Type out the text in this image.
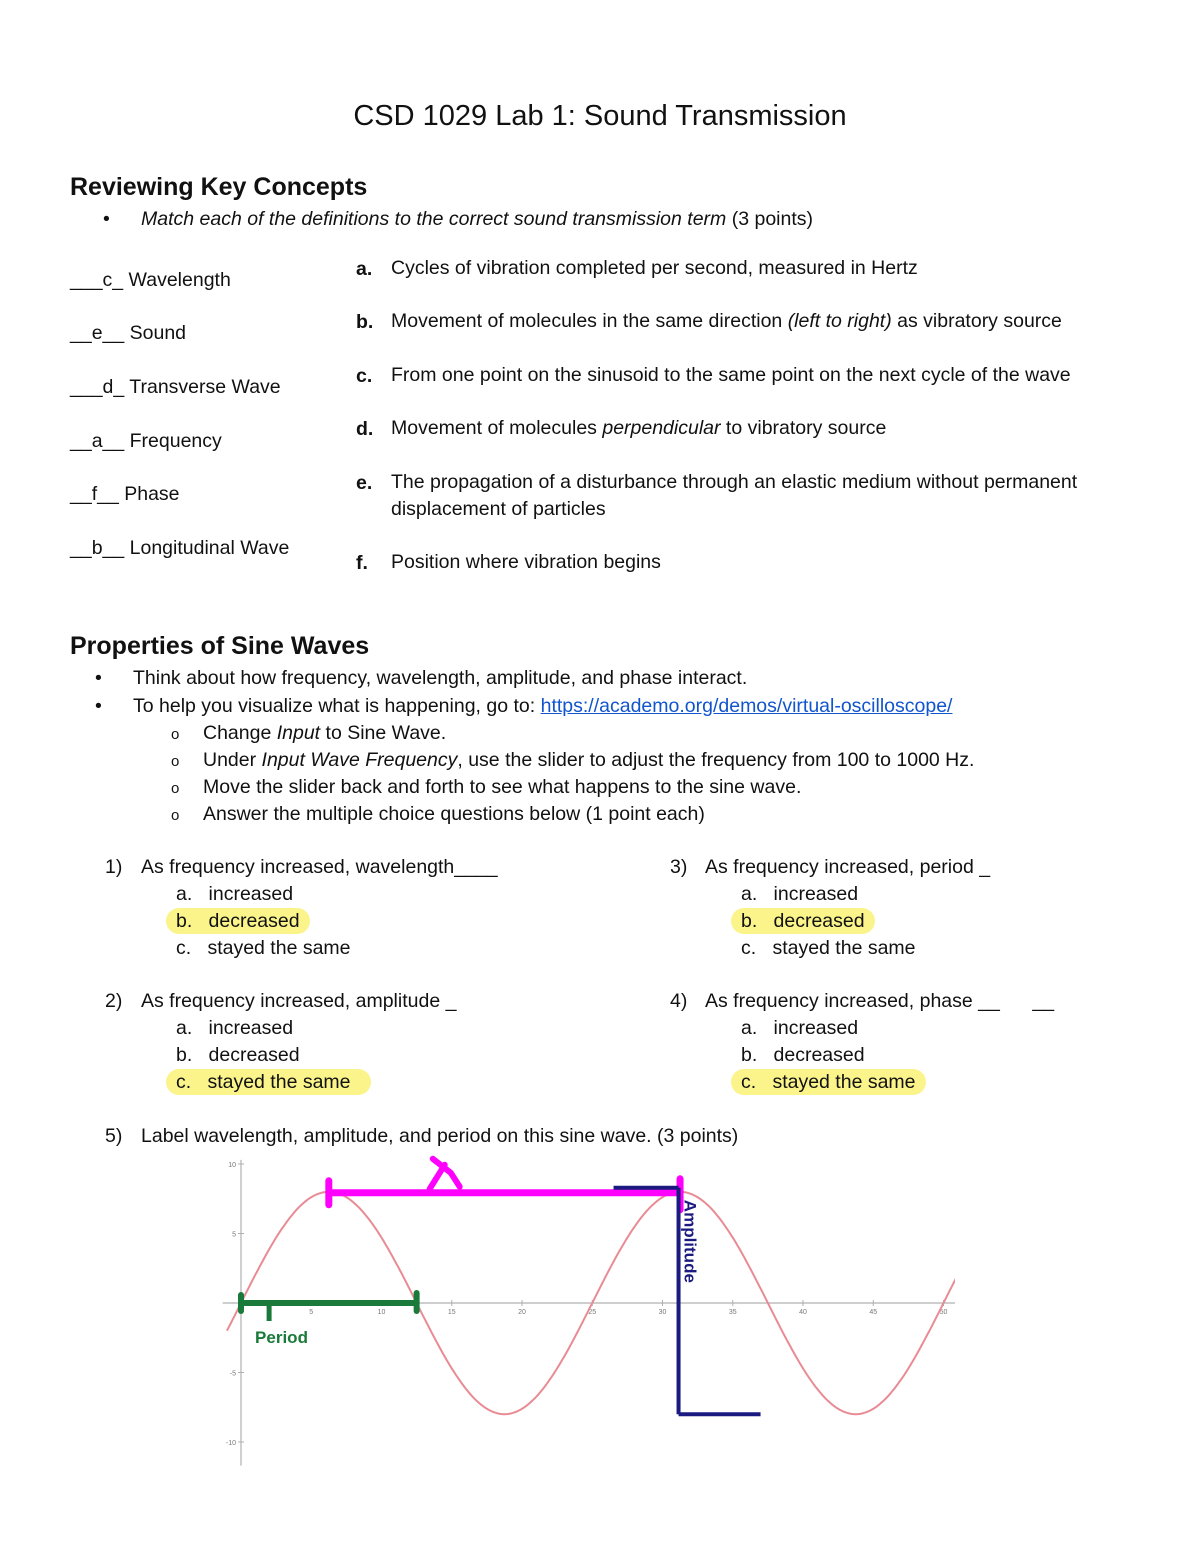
CSD 1029 Lab 1: Sound Transmission
Reviewing Key Concepts
• Match each of the definitions to the correct sound transmission term (3 points)
___c_ Wavelength
__e__ Sound
___d_ Transverse Wave
__a__ Frequency
__f__ Phase
__b__ Longitudinal Wave
a. Cycles of vibration completed per second, measured in Hertz
b. Movement of molecules in the same direction (left to right) as vibratory source
c. From one point on the sinusoid to the same point on the next cycle of the wave
d. Movement of molecules perpendicular to vibratory source
e. The propagation of a disturbance through an elastic medium without permanent displacement of particles
f. Position where vibration begins
Properties of Sine Waves
• Think about how frequency, wavelength, amplitude, and phase interact.
• To help you visualize what is happening, go to: https://academo.org/demos/virtual-oscilloscope/
o Change Input to Sine Wave.
o Under Input Wave Frequency, use the slider to adjust the frequency from 100 to 1000 Hz.
o Move the slider back and forth to see what happens to the sine wave.
o Answer the multiple choice questions below (1 point each)
1) As frequency increased, wavelength____
a. increased
b. decreased
c. stayed the same
2) As frequency increased, amplitude _
a. increased
b. decreased
c. stayed the same
3) As frequency increased, period _
a. increased
b. decreased
c. stayed the same
4) As frequency increased, phase __      __
a. increased
b. decreased
c. stayed the same
5) Label wavelength, amplitude, and period on this sine wave. (3 points)
5	10	15	20	25	30	35	40	45	50
10
5
-5
-10
Amplitude
Period
